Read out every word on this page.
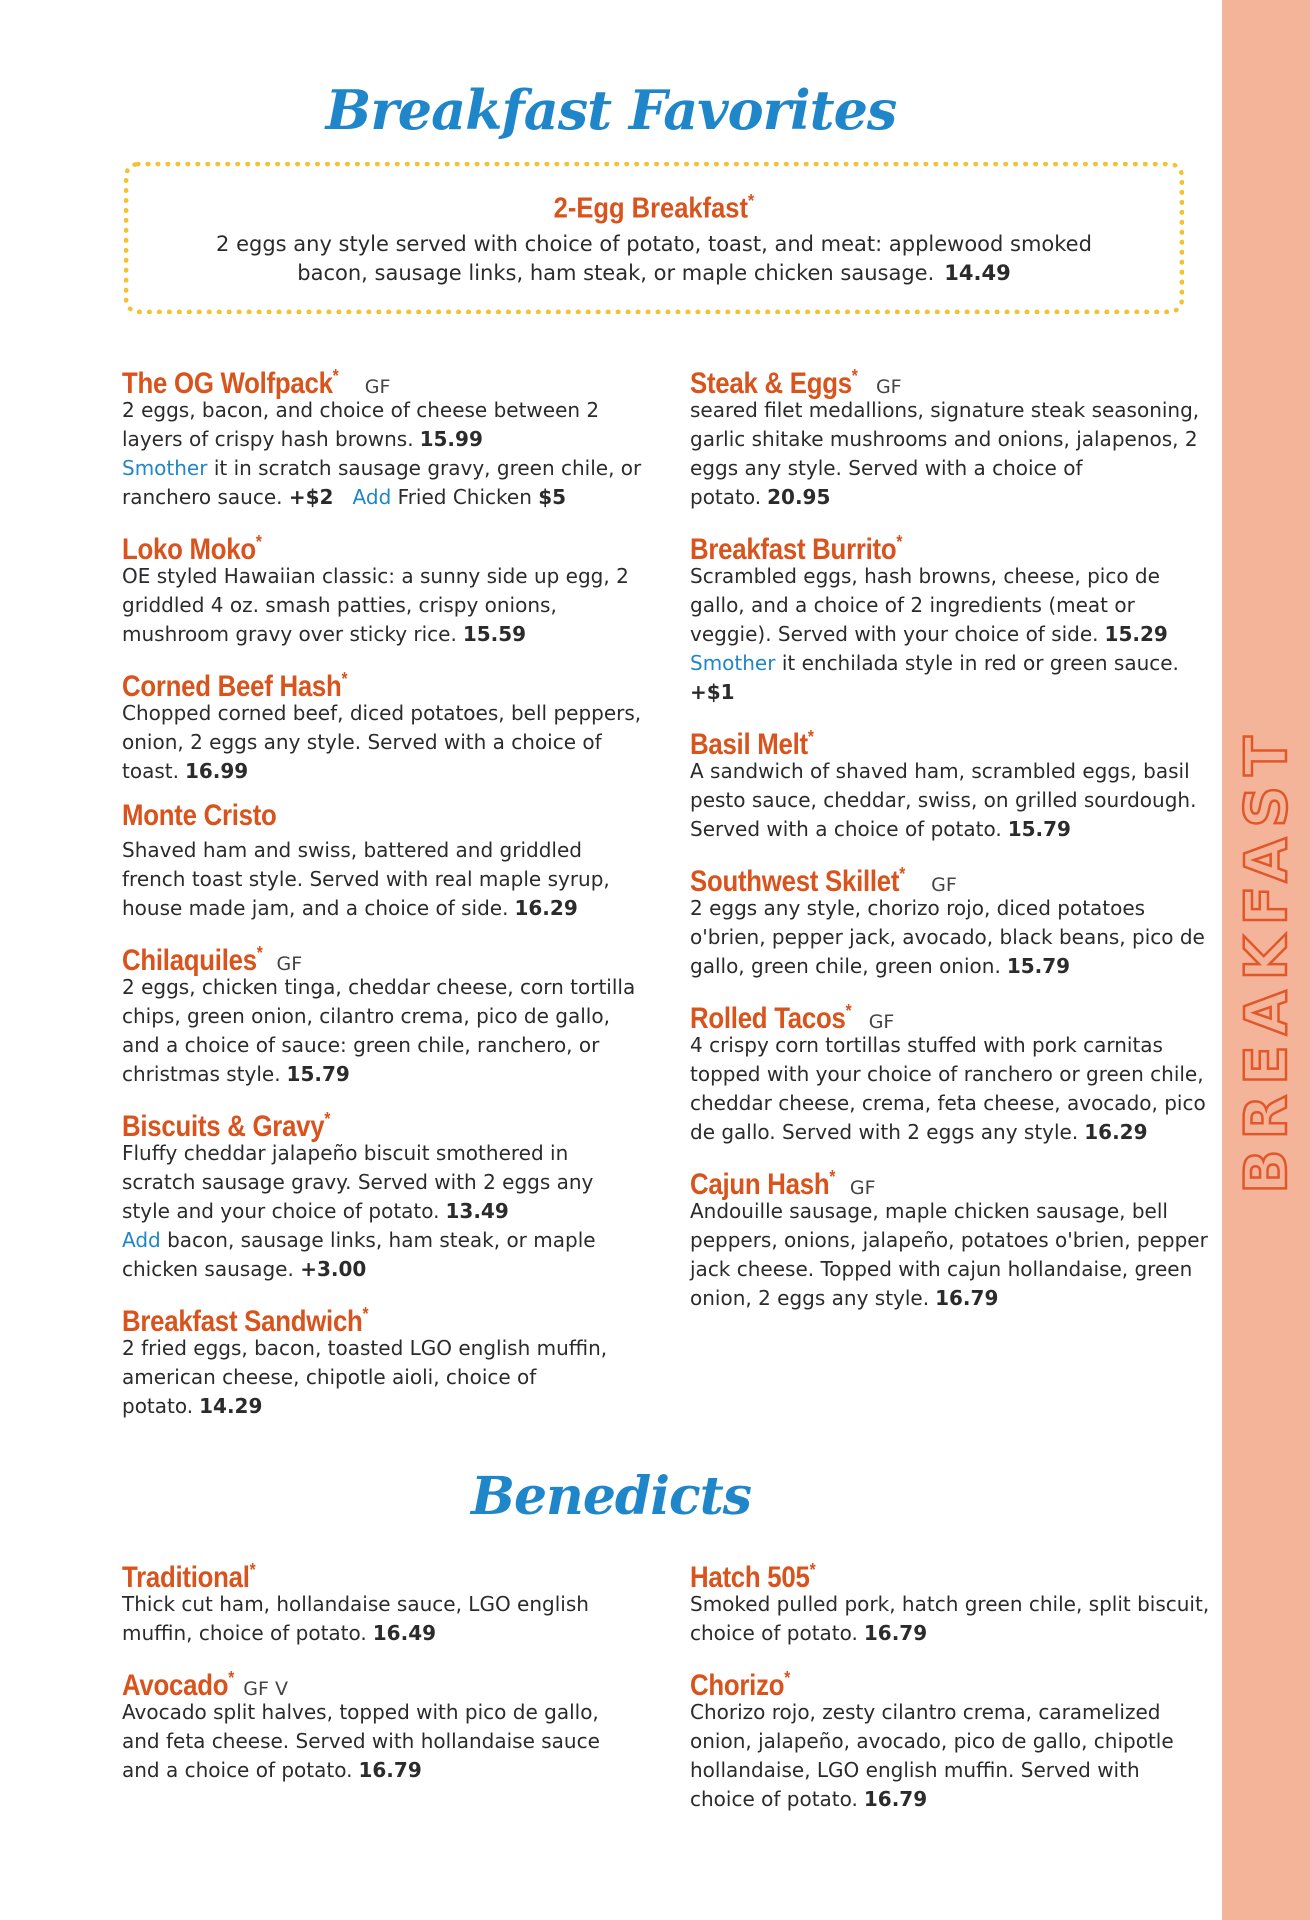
BREAKFAST
Breakfast Favorites
2-Egg Breakfast*
2 eggs any style served with choice of potato, toast, and meat: applewood smoked bacon, sausage links, ham steak, or maple chicken sausage. 14.49
The OG Wolfpack* GF
2 eggs, bacon, and choice of cheese between 2 layers of crispy hash browns. 15.99
Smother it in scratch sausage gravy, green chile, or ranchero sauce. +$2 Add Fried Chicken $5
Loko Moko*
OE styled Hawaiian classic: a sunny side up egg, 2 griddled 4 oz. smash patties, crispy onions, mushroom gravy over sticky rice. 15.59
Corned Beef Hash*
Chopped corned beef, diced potatoes, bell peppers, onion, 2 eggs any style. Served with a choice of toast. 16.99
Monte Cristo
Shaved ham and swiss, battered and griddled french toast style. Served with real maple syrup, house made jam, and a choice of side. 16.29
Chilaquiles* GF
2 eggs, chicken tinga, cheddar cheese, corn tortilla chips, green onion, cilantro crema, pico de gallo, and a choice of sauce: green chile, ranchero, or christmas style. 15.79
Biscuits & Gravy*
Fluffy cheddar jalapeño biscuit smothered in scratch sausage gravy. Served with 2 eggs any style and your choice of potato. 13.49
Add bacon, sausage links, ham steak, or maple chicken sausage. +3.00
Breakfast Sandwich*
2 fried eggs, bacon, toasted LGO english muffin, american cheese, chipotle aioli, choice of potato. 14.29
Steak & Eggs* GF
seared filet medallions, signature steak seasoning, garlic shitake mushrooms and onions, jalapenos, 2 eggs any style. Served with a choice of potato. 20.95
Breakfast Burrito*
Scrambled eggs, hash browns, cheese, pico de gallo, and a choice of 2 ingredients (meat or veggie). Served with your choice of side. 15.29
Smother it enchilada style in red or green sauce. +$1
Basil Melt*
A sandwich of shaved ham, scrambled eggs, basil pesto sauce, cheddar, swiss, on grilled sourdough. Served with a choice of potato. 15.79
Southwest Skillet* GF
2 eggs any style, chorizo rojo, diced potatoes o'brien, pepper jack, avocado, black beans, pico de gallo, green chile, green onion. 15.79
Rolled Tacos* GF
4 crispy corn tortillas stuffed with pork carnitas topped with your choice of ranchero or green chile, cheddar cheese, crema, feta cheese, avocado, pico de gallo. Served with 2 eggs any style. 16.29
Cajun Hash* GF
Andouille sausage, maple chicken sausage, bell peppers, onions, jalapeño, potatoes o'brien, pepper jack cheese. Topped with cajun hollandaise, green onion, 2 eggs any style. 16.79
Benedicts
Traditional*
Thick cut ham, hollandaise sauce, LGO english muffin, choice of potato. 16.49
Avocado* GF V
Avocado split halves, topped with pico de gallo, and feta cheese. Served with hollandaise sauce and a choice of potato. 16.79
Hatch 505*
Smoked pulled pork, hatch green chile, split biscuit, choice of potato. 16.79
Chorizo*
Chorizo rojo, zesty cilantro crema, caramelized onion, jalapeño, avocado, pico de gallo, chipotle hollandaise, LGO english muffin. Served with choice of potato. 16.79
